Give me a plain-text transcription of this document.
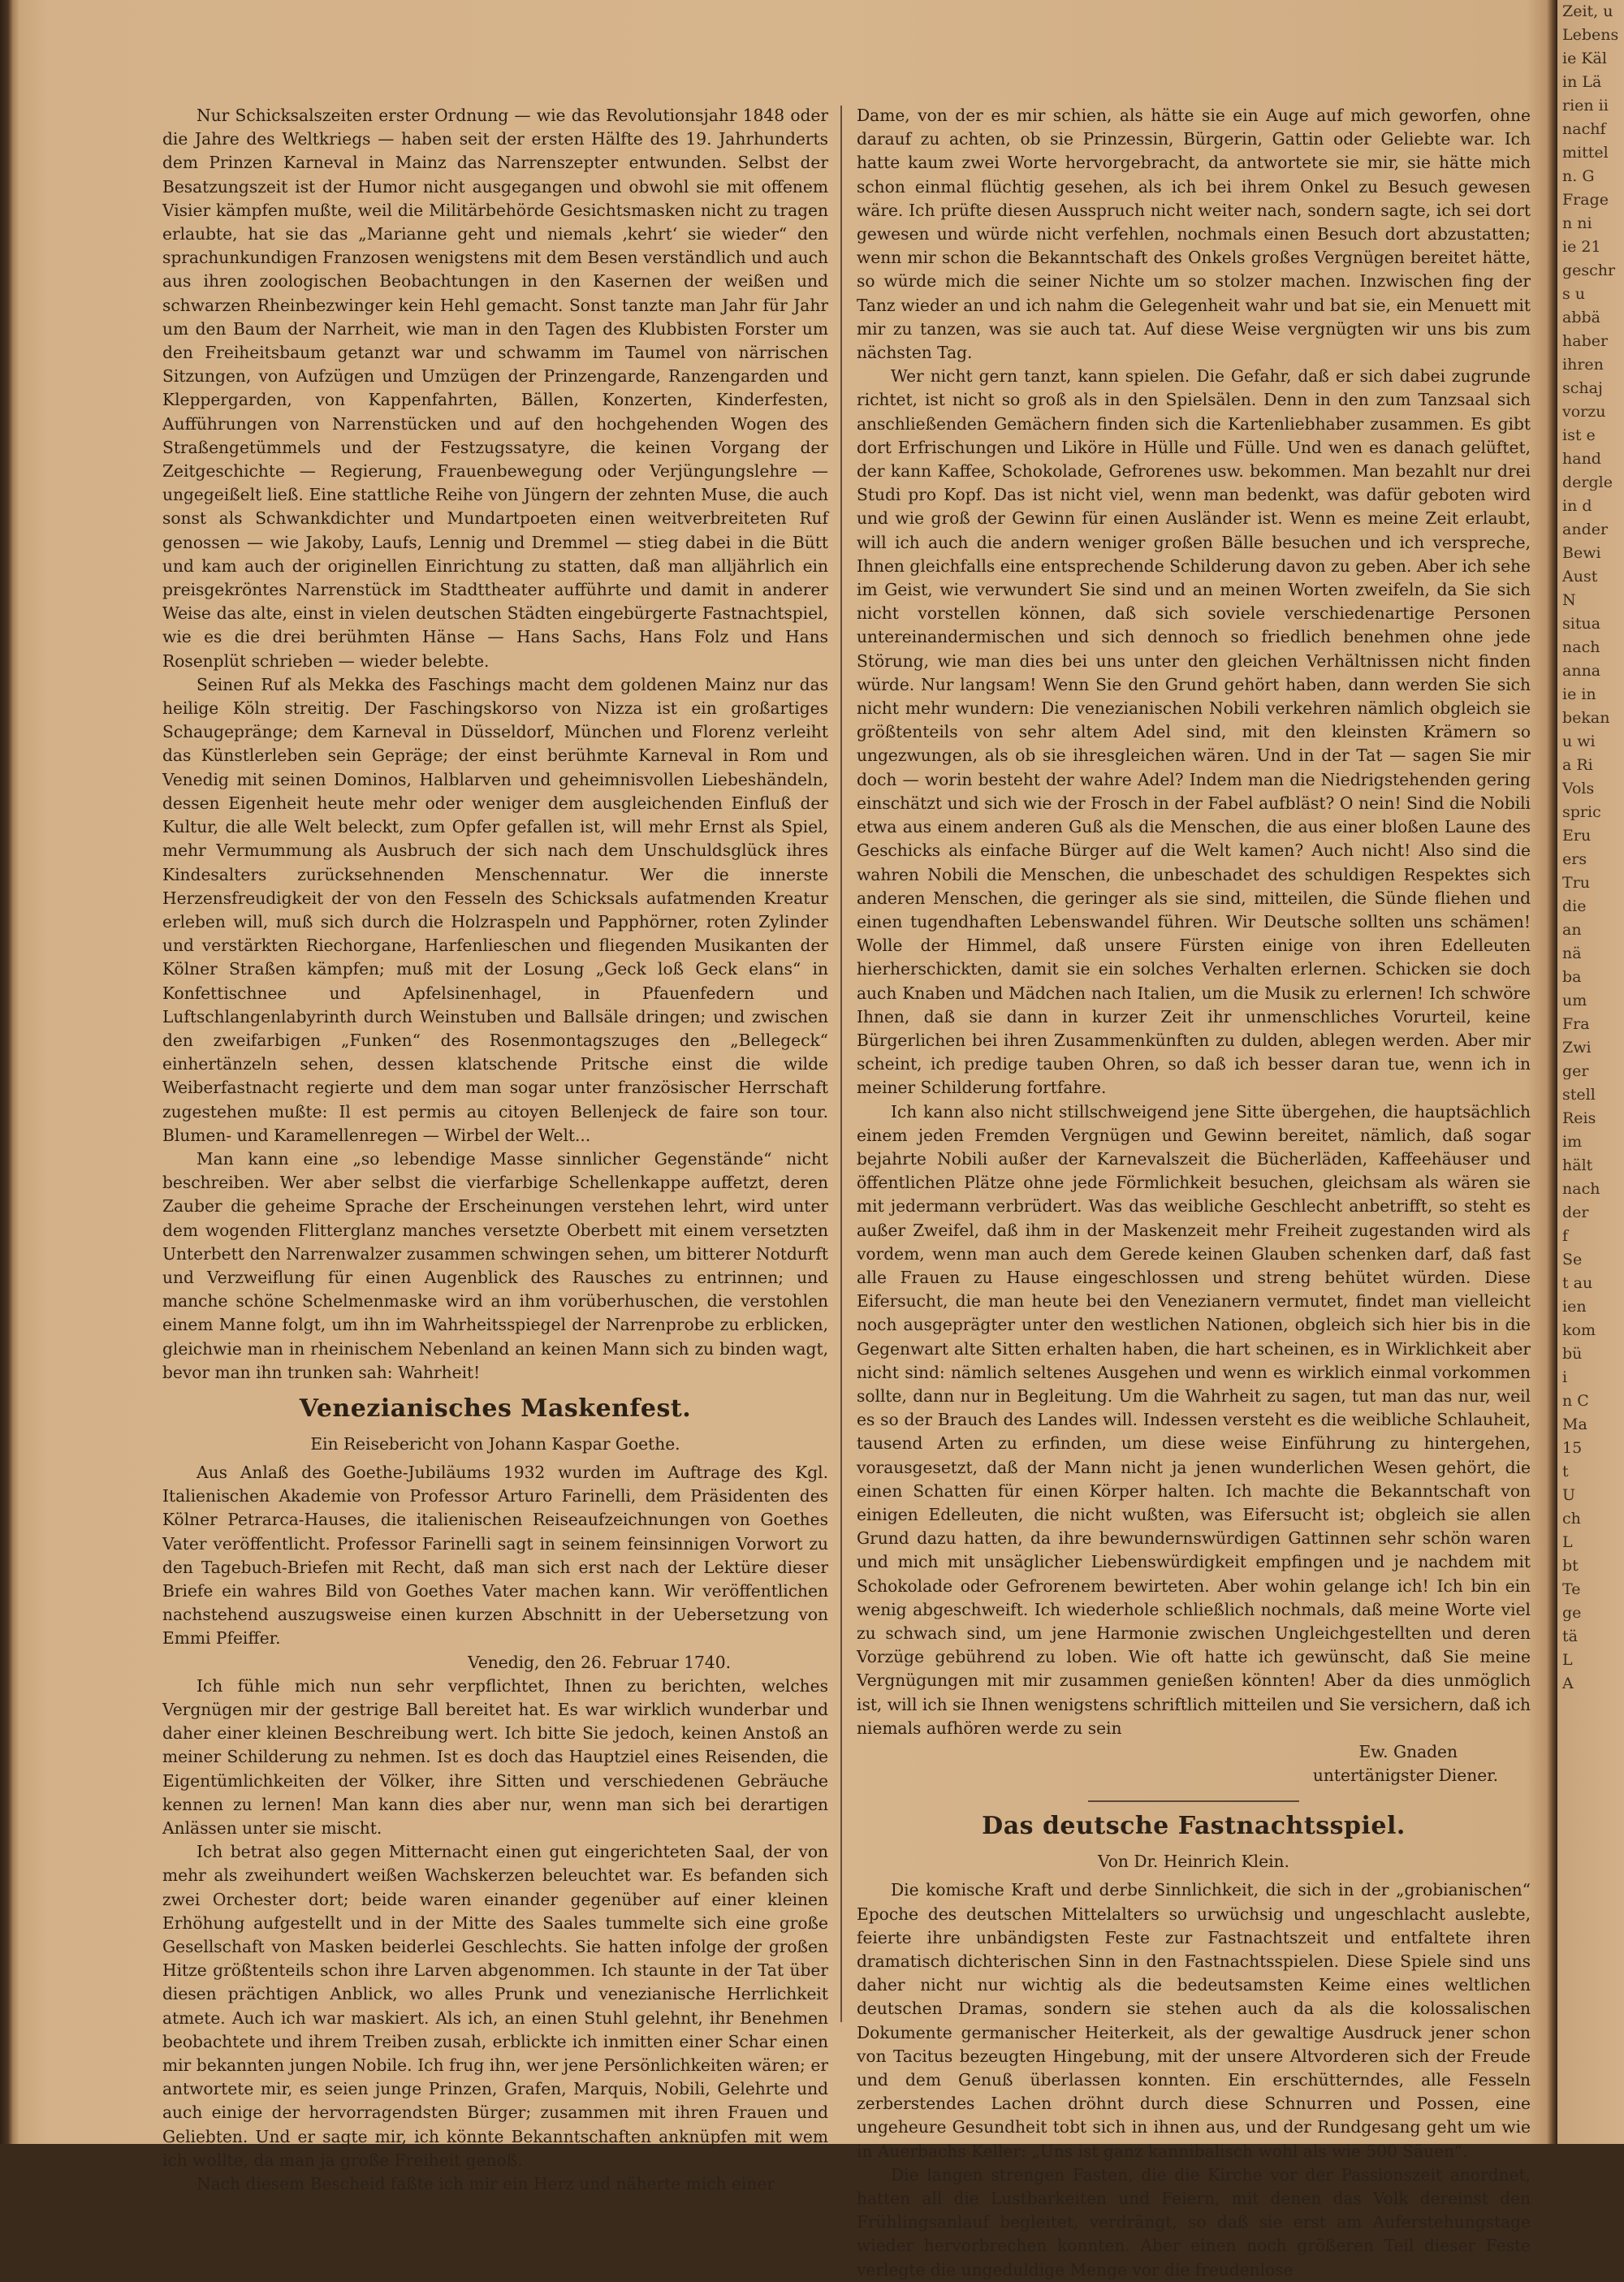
Zeit, u
Lebens
ie Käl
in Lä
rien ii
nachf
mittel
n. G
Frage
n ni
ie 21
geschr
s u
abbä
haber
ihren
schaj
vorzu
ist e
hand
dergle
in d
ander
Bewi
Aust
N
situa
nach
anna
ie in
bekan
u wi
a Ri
Vols
spric
Eru
ers
Tru
die
an
nä
ba
um
Fra
Zwi
ger
stell
Reis
im
hält
nach
der
f
Se
t au
ien
kom
bü
i
n C
Ma
15
t
U
ch
L
bt
Te
ge
tä
L
A

Nur Schicksalszeiten erster Ordnung — wie das Revolutionsjahr 1848 oder die Jahre des Weltkriegs — haben seit der ersten Hälfte des 19. Jahrhunderts dem Prinzen Karneval in Mainz das Narrenszepter entwunden. Selbst der Besatzungszeit ist der Humor nicht ausgegangen und obwohl sie mit offenem Visier kämpfen mußte, weil die Militärbehörde Gesichtsmasken nicht zu tragen erlaubte, hat sie das „Marianne geht und niemals ‚kehrt‘ sie wieder“ den sprachunkundigen Franzosen wenigstens mit dem Besen verständlich und auch aus ihren zoologischen Beobachtungen in den Kasernen der weißen und schwarzen Rheinbezwinger kein Hehl gemacht. Sonst tanzte man Jahr für Jahr um den Baum der Narrheit, wie man in den Tagen des Klubbisten Forster um den Freiheitsbaum getanzt war und schwamm im Taumel von närrischen Sitzungen, von Aufzügen und Umzügen der Prinzengarde, Ranzengarden und Kleppergarden, von Kappenfahrten, Bällen, Konzerten, Kinderfesten, Aufführungen von Narrenstücken und auf den hochgehenden Wogen des Straßengetümmels und der Festzugssatyre, die keinen Vorgang der Zeitgeschichte — Regierung, Frauenbewegung oder Verjüngungslehre — ungegeißelt ließ. Eine stattliche Reihe von Jüngern der zehnten Muse, die auch sonst als Schwankdichter und Mundartpoeten einen weitverbreiteten Ruf genossen — wie Jakoby, Laufs, Lennig und Dremmel — stieg dabei in die Bütt und kam auch der originellen Einrichtung zu statten, daß man alljährlich ein preisgekröntes Narrenstück im Stadttheater aufführte und damit in anderer Weise das alte, einst in vielen deutschen Städten eingebürgerte Fastnachtspiel, wie es die drei berühmten Hänse — Hans Sachs, Hans Folz und Hans Rosenplüt schrieben — wieder belebte.

Seinen Ruf als Mekka des Faschings macht dem goldenen Mainz nur das heilige Köln streitig. Der Faschingskorso von Nizza ist ein großartiges Schaugepränge; dem Karneval in Düsseldorf, München und Florenz verleiht das Künstlerleben sein Gepräge; der einst berühmte Karneval in Rom und Venedig mit seinen Dominos, Halblarven und geheimnisvollen Liebeshändeln, dessen Eigenheit heute mehr oder weniger dem ausgleichenden Einfluß der Kultur, die alle Welt beleckt, zum Opfer gefallen ist, will mehr Ernst als Spiel, mehr Vermummung als Ausbruch der sich nach dem Unschuldsglück ihres Kindesalters zurücksehnenden Menschennatur. Wer die innerste Herzensfreudigkeit der von den Fesseln des Schicksals aufatmenden Kreatur erleben will, muß sich durch die Holzraspeln und Papphörner, roten Zylinder und verstärkten Riechorgane, Harfenlieschen und fliegenden Musikanten der Kölner Straßen kämpfen; muß mit der Losung „Geck loß Geck elans“ in Konfettischnee und Apfelsinenhagel, in Pfauenfedern und Luftschlangenlabyrinth durch Weinstuben und Ballsäle dringen; und zwischen den zweifarbigen „Funken“ des Rosenmontagszuges den „Bellegeck“ einhertänzeln sehen, dessen klatschende Pritsche einst die wilde Weiberfastnacht regierte und dem man sogar unter französischer Herrschaft zugestehen mußte: Il est permis au citoyen Bellenjeck de faire son tour. Blumen- und Karamellenregen — Wirbel der Welt...

Man kann eine „so lebendige Masse sinnlicher Gegenstände“ nicht beschreiben. Wer aber selbst die vierfarbige Schellenkappe auffetzt, deren Zauber die geheime Sprache der Erscheinungen verstehen lehrt, wird unter dem wogenden Flitterglanz manches versetzte Oberbett mit einem versetzten Unterbett den Narrenwalzer zusammen schwingen sehen, um bitterer Notdurft und Verzweiflung für einen Augenblick des Rausches zu entrinnen; und manche schöne Schelmenmaske wird an ihm vorüberhuschen, die verstohlen einem Manne folgt, um ihn im Wahrheitsspiegel der Narrenprobe zu erblicken, gleichwie man in rheinischem Nebenland an keinen Mann sich zu binden wagt, bevor man ihn trunken sah: Wahrheit!

Venezianisches Maskenfest.
Ein Reisebericht von Johann Kaspar Goethe.

Aus Anlaß des Goethe-Jubiläums 1932 wurden im Auftrage des Kgl. Italienischen Akademie von Professor Arturo Farinelli, dem Präsidenten des Kölner Petrarca-Hauses, die italienischen Reiseaufzeichnungen von Goethes Vater veröffentlicht. Professor Farinelli sagt in seinem feinsinnigen Vorwort zu den Tagebuch-Briefen mit Recht, daß man sich erst nach der Lektüre dieser Briefe ein wahres Bild von Goethes Vater machen kann. Wir veröffentlichen nachstehend auszugsweise einen kurzen Abschnitt in der Uebersetzung von Emmi Pfeiffer.

Venedig, den 26. Februar 1740.

Ich fühle mich nun sehr verpflichtet, Ihnen zu berichten, welches Vergnügen mir der gestrige Ball bereitet hat. Es war wirklich wunderbar und daher einer kleinen Beschreibung wert. Ich bitte Sie jedoch, keinen Anstoß an meiner Schilderung zu nehmen. Ist es doch das Hauptziel eines Reisenden, die Eigentümlichkeiten der Völker, ihre Sitten und verschiedenen Gebräuche kennen zu lernen! Man kann dies aber nur, wenn man sich bei derartigen Anlässen unter sie mischt.

Ich betrat also gegen Mitternacht einen gut eingerichteten Saal, der von mehr als zweihundert weißen Wachskerzen beleuchtet war. Es befanden sich zwei Orchester dort; beide waren einander gegenüber auf einer kleinen Erhöhung aufgestellt und in der Mitte des Saales tummelte sich eine große Gesellschaft von Masken beiderlei Geschlechts. Sie hatten infolge der großen Hitze größtenteils schon ihre Larven abgenommen. Ich staunte in der Tat über diesen prächtigen Anblick, wo alles Prunk und venezianische Herrlichkeit atmete. Auch ich war maskiert. Als ich, an einen Stuhl gelehnt, ihr Benehmen beobachtete und ihrem Treiben zusah, erblickte ich inmitten einer Schar einen mir bekannten jungen Nobile. Ich frug ihn, wer jene Persönlichkeiten wären; er antwortete mir, es seien junge Prinzen, Grafen, Marquis, Nobili, Gelehrte und auch einige der hervorragendsten Bürger; zusammen mit ihren Frauen und Geliebten. Und er sagte mir, ich könnte Bekanntschaften anknüpfen mit wem ich wollte, da man ja große Freiheit genoß.

Nach diesem Bescheid faßte ich mir ein Herz und näherte mich einer

Dame, von der es mir schien, als hätte sie ein Auge auf mich geworfen, ohne darauf zu achten, ob sie Prinzessin, Bürgerin, Gattin oder Geliebte war. Ich hatte kaum zwei Worte hervorgebracht, da antwortete sie mir, sie hätte mich schon einmal flüchtig gesehen, als ich bei ihrem Onkel zu Besuch gewesen wäre. Ich prüfte diesen Ausspruch nicht weiter nach, sondern sagte, ich sei dort gewesen und würde nicht verfehlen, nochmals einen Besuch dort abzustatten; wenn mir schon die Bekanntschaft des Onkels großes Vergnügen bereitet hätte, so würde mich die seiner Nichte um so stolzer machen. Inzwischen fing der Tanz wieder an und ich nahm die Gelegenheit wahr und bat sie, ein Menuett mit mir zu tanzen, was sie auch tat. Auf diese Weise vergnügten wir uns bis zum nächsten Tag.

Wer nicht gern tanzt, kann spielen. Die Gefahr, daß er sich dabei zugrunde richtet, ist nicht so groß als in den Spielsälen. Denn in den zum Tanzsaal sich anschließenden Gemächern finden sich die Kartenliebhaber zusammen. Es gibt dort Erfrischungen und Liköre in Hülle und Fülle. Und wen es danach gelüftet, der kann Kaffee, Schokolade, Gefrorenes usw. bekommen. Man bezahlt nur drei Studi pro Kopf. Das ist nicht viel, wenn man bedenkt, was dafür geboten wird und wie groß der Gewinn für einen Ausländer ist. Wenn es meine Zeit erlaubt, will ich auch die andern weniger großen Bälle besuchen und ich verspreche, Ihnen gleichfalls eine entsprechende Schilderung davon zu geben. Aber ich sehe im Geist, wie verwundert Sie sind und an meinen Worten zweifeln, da Sie sich nicht vorstellen können, daß sich soviele verschiedenartige Personen untereinandermischen und sich dennoch so friedlich benehmen ohne jede Störung, wie man dies bei uns unter den gleichen Verhältnissen nicht finden würde. Nur langsam! Wenn Sie den Grund gehört haben, dann werden Sie sich nicht mehr wundern: Die venezianischen Nobili verkehren nämlich obgleich sie größtenteils von sehr altem Adel sind, mit den kleinsten Krämern so ungezwungen, als ob sie ihresgleichen wären. Und in der Tat — sagen Sie mir doch — worin besteht der wahre Adel? Indem man die Niedrigstehenden gering einschätzt und sich wie der Frosch in der Fabel aufbläst? O nein! Sind die Nobili etwa aus einem anderen Guß als die Menschen, die aus einer bloßen Laune des Geschicks als einfache Bürger auf die Welt kamen? Auch nicht! Also sind die wahren Nobili die Menschen, die unbeschadet des schuldigen Respektes sich anderen Menschen, die geringer als sie sind, mitteilen, die Sünde fliehen und einen tugendhaften Lebenswandel führen. Wir Deutsche sollten uns schämen! Wolle der Himmel, daß unsere Fürsten einige von ihren Edelleuten hierherschickten, damit sie ein solches Verhalten erlernen. Schicken sie doch auch Knaben und Mädchen nach Italien, um die Musik zu erlernen! Ich schwöre Ihnen, daß sie dann in kurzer Zeit ihr unmenschliches Vorurteil, keine Bürgerlichen bei ihren Zusammenkünften zu dulden, ablegen werden. Aber mir scheint, ich predige tauben Ohren, so daß ich besser daran tue, wenn ich in meiner Schilderung fortfahre.

Ich kann also nicht stillschweigend jene Sitte übergehen, die hauptsächlich einem jeden Fremden Vergnügen und Gewinn bereitet, nämlich, daß sogar bejahrte Nobili außer der Karnevalszeit die Bücherläden, Kaffeehäuser und öffentlichen Plätze ohne jede Förmlichkeit besuchen, gleichsam als wären sie mit jedermann verbrüdert. Was das weibliche Geschlecht anbetrifft, so steht es außer Zweifel, daß ihm in der Maskenzeit mehr Freiheit zugestanden wird als vordem, wenn man auch dem Gerede keinen Glauben schenken darf, daß fast alle Frauen zu Hause eingeschlossen und streng behütet würden. Diese Eifersucht, die man heute bei den Venezianern vermutet, findet man vielleicht noch ausgeprägter unter den westlichen Nationen, obgleich sich hier bis in die Gegenwart alte Sitten erhalten haben, die hart scheinen, es in Wirklichkeit aber nicht sind: nämlich seltenes Ausgehen und wenn es wirklich einmal vorkommen sollte, dann nur in Begleitung. Um die Wahrheit zu sagen, tut man das nur, weil es so der Brauch des Landes will. Indessen versteht es die weibliche Schlauheit, tausend Arten zu erfinden, um diese weise Einführung zu hintergehen, vorausgesetzt, daß der Mann nicht ja jenen wunderlichen Wesen gehört, die einen Schatten für einen Körper halten. Ich machte die Bekanntschaft von einigen Edelleuten, die nicht wußten, was Eifersucht ist; obgleich sie allen Grund dazu hatten, da ihre bewundernswürdigen Gattinnen sehr schön waren und mich mit unsäglicher Liebenswürdigkeit empfingen und je nachdem mit Schokolade oder Gefrorenem bewirteten. Aber wohin gelange ich! Ich bin ein wenig abgeschweift. Ich wiederhole schließlich nochmals, daß meine Worte viel zu schwach sind, um jene Harmonie zwischen Ungleichgestellten und deren Vorzüge gebührend zu loben. Wie oft hatte ich gewünscht, daß Sie meine Vergnügungen mit mir zusammen genießen könnten! Aber da dies unmöglich ist, will ich sie Ihnen wenigstens schriftlich mitteilen und Sie versichern, daß ich niemals aufhören werde zu sein

Ew. Gnaden
untertänigster Diener.
Das deutsche Fastnachtsspiel.
Von Dr. Heinrich Klein.

Die komische Kraft und derbe Sinnlichkeit, die sich in der „grobianischen“ Epoche des deutschen Mittelalters so urwüchsig und ungeschlacht auslebte, feierte ihre unbändigsten Feste zur Fastnachtszeit und entfaltete ihren dramatisch dichterischen Sinn in den Fastnachtsspielen. Diese Spiele sind uns daher nicht nur wichtig als die bedeutsamsten Keime eines weltlichen deutschen Dramas, sondern sie stehen auch da als die kolossalischen Dokumente germanischer Heiterkeit, als der gewaltige Ausdruck jener schon von Tacitus bezeugten Hingebung, mit der unsere Altvorderen sich der Freude und dem Genuß überlassen konnten. Ein erschütterndes, alle Fesseln zerberstendes Lachen dröhnt durch diese Schnurren und Possen, eine ungeheure Gesundheit tobt sich in ihnen aus, und der Rundgesang geht um wie in Auerbachs Keller: „Uns ist ganz kannibalisch wohl als wie 500 Säuen“.

Die langen strengen Fasten, die die Kirche vor der Passionszeit anordnet, hatten all die Lustbarkeiten und Feiern, mit denen das Volk dereinst den Frühlingsanlauf begleitet, verdrängt, so daß sie erst am Auferstehungstage wieder hervorbrechen konnten. Aber einen noch größeren Teil dieser Feste verlegte die ungeduldige Menge vor die freudenlose
